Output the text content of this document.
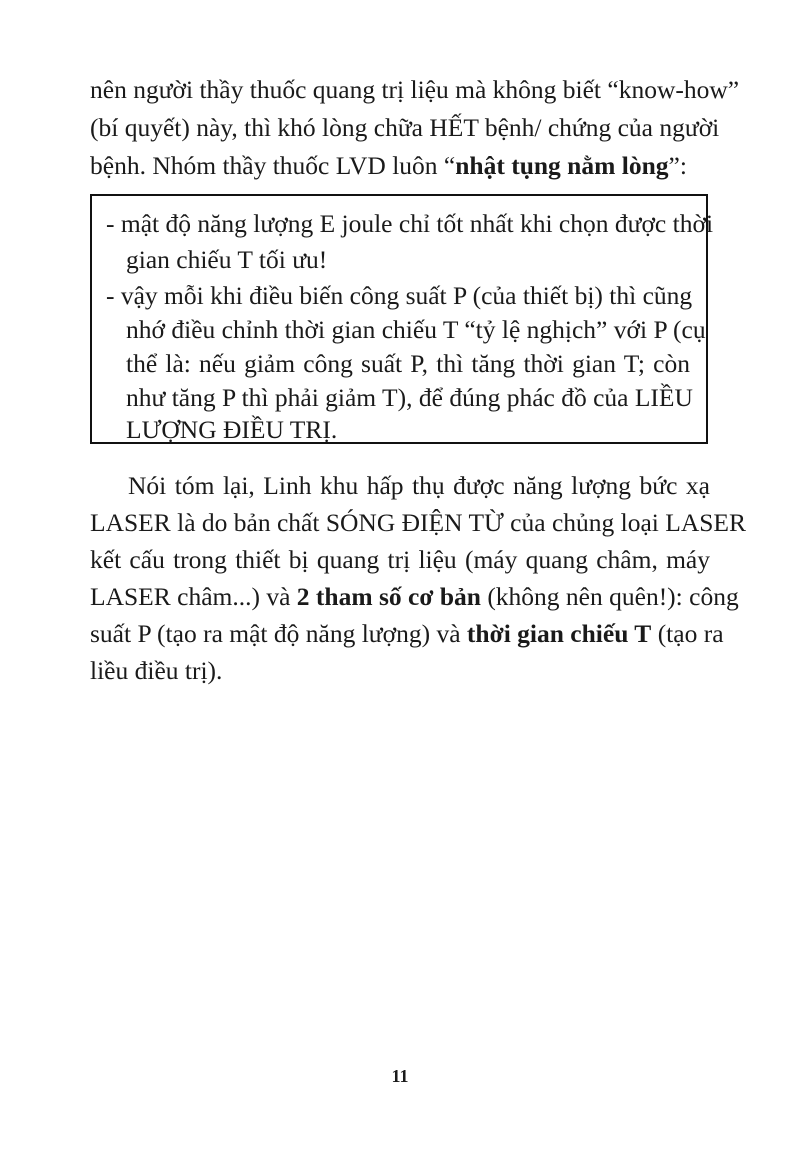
nên người thầy thuốc quang trị liệu mà không biết “know-how”
(bí quyết) này, thì khó lòng chữa HẾT bệnh/ chứng của người
bệnh. Nhóm thầy thuốc LVD luôn “nhật tụng nằm lòng”:
- mật độ năng lượng E joule chỉ tốt nhất khi chọn được thời
gian chiếu T tối ưu!
- vậy mỗi khi điều biến công suất P (của thiết bị) thì cũng
nhớ điều chỉnh thời gian chiếu T “tỷ lệ nghịch” với P (cụ
thể là: nếu giảm công suất P, thì tăng thời gian T; còn
như tăng P thì phải giảm T), để đúng phác đồ của LIỀU
LƯỢNG ĐIỀU TRỊ.
Nói tóm lại, Linh khu hấp thụ được năng lượng bức xạ
LASER là do bản chất SÓNG ĐIỆN TỪ của chủng loại LASER
kết cấu trong thiết bị quang trị liệu (máy quang châm, máy
LASER châm...) và 2 tham số cơ bản (không nên quên!): công
suất P (tạo ra mật độ năng lượng) và thời gian chiếu T (tạo ra
liều điều trị).
11
